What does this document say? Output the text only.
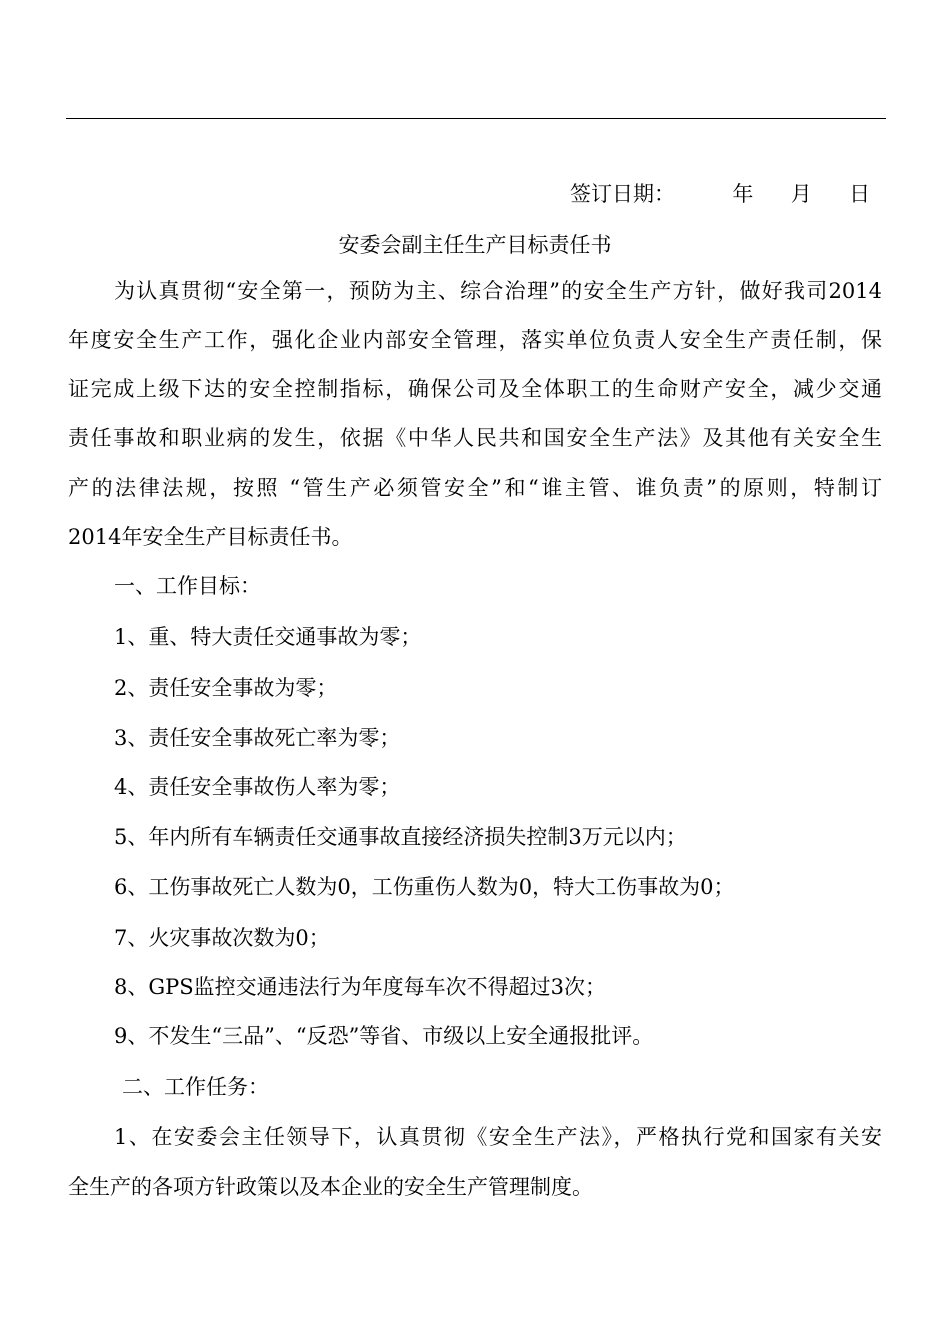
签订日期：	年 月 日
安委会副主任生产目标责任书
为认真贯彻“安全第一，预防为主、综合治理”的安全生产方针，做好我司2014
年度安全生产工作，强化企业内部安全管理，落实单位负责人安全生产责任制，保
证完成上级下达的安全控制指标，确保公司及全体职工的生命财产安全，减少交通
责任事故和职业病的发生，依据《中华人民共和国安全生产法》及其他有关安全生
产的法律法规，按照 “管生产必须管安全”和“谁主管、谁负责”的原则，特制订
2014年安全生产目标责任书。
一、工作目标：
1、重、特大责任交通事故为零；
2、责任安全事故为零；
3、责任安全事故死亡率为零；
4、责任安全事故伤人率为零；
5、年内所有车辆责任交通事故直接经济损失控制3万元以内；
6、工伤事故死亡人数为0，工伤重伤人数为0，特大工伤事故为0；
7、火灾事故次数为0；
8、GPS监控交通违法行为年度每车次不得超过3次；
9、不发生“三品”、“反恐”等省、市级以上安全通报批评。
二、工作任务：
1、在安委会主任领导下，认真贯彻《安全生产法》，严格执行党和国家有关安
全生产的各项方针政策以及本企业的安全生产管理制度。
